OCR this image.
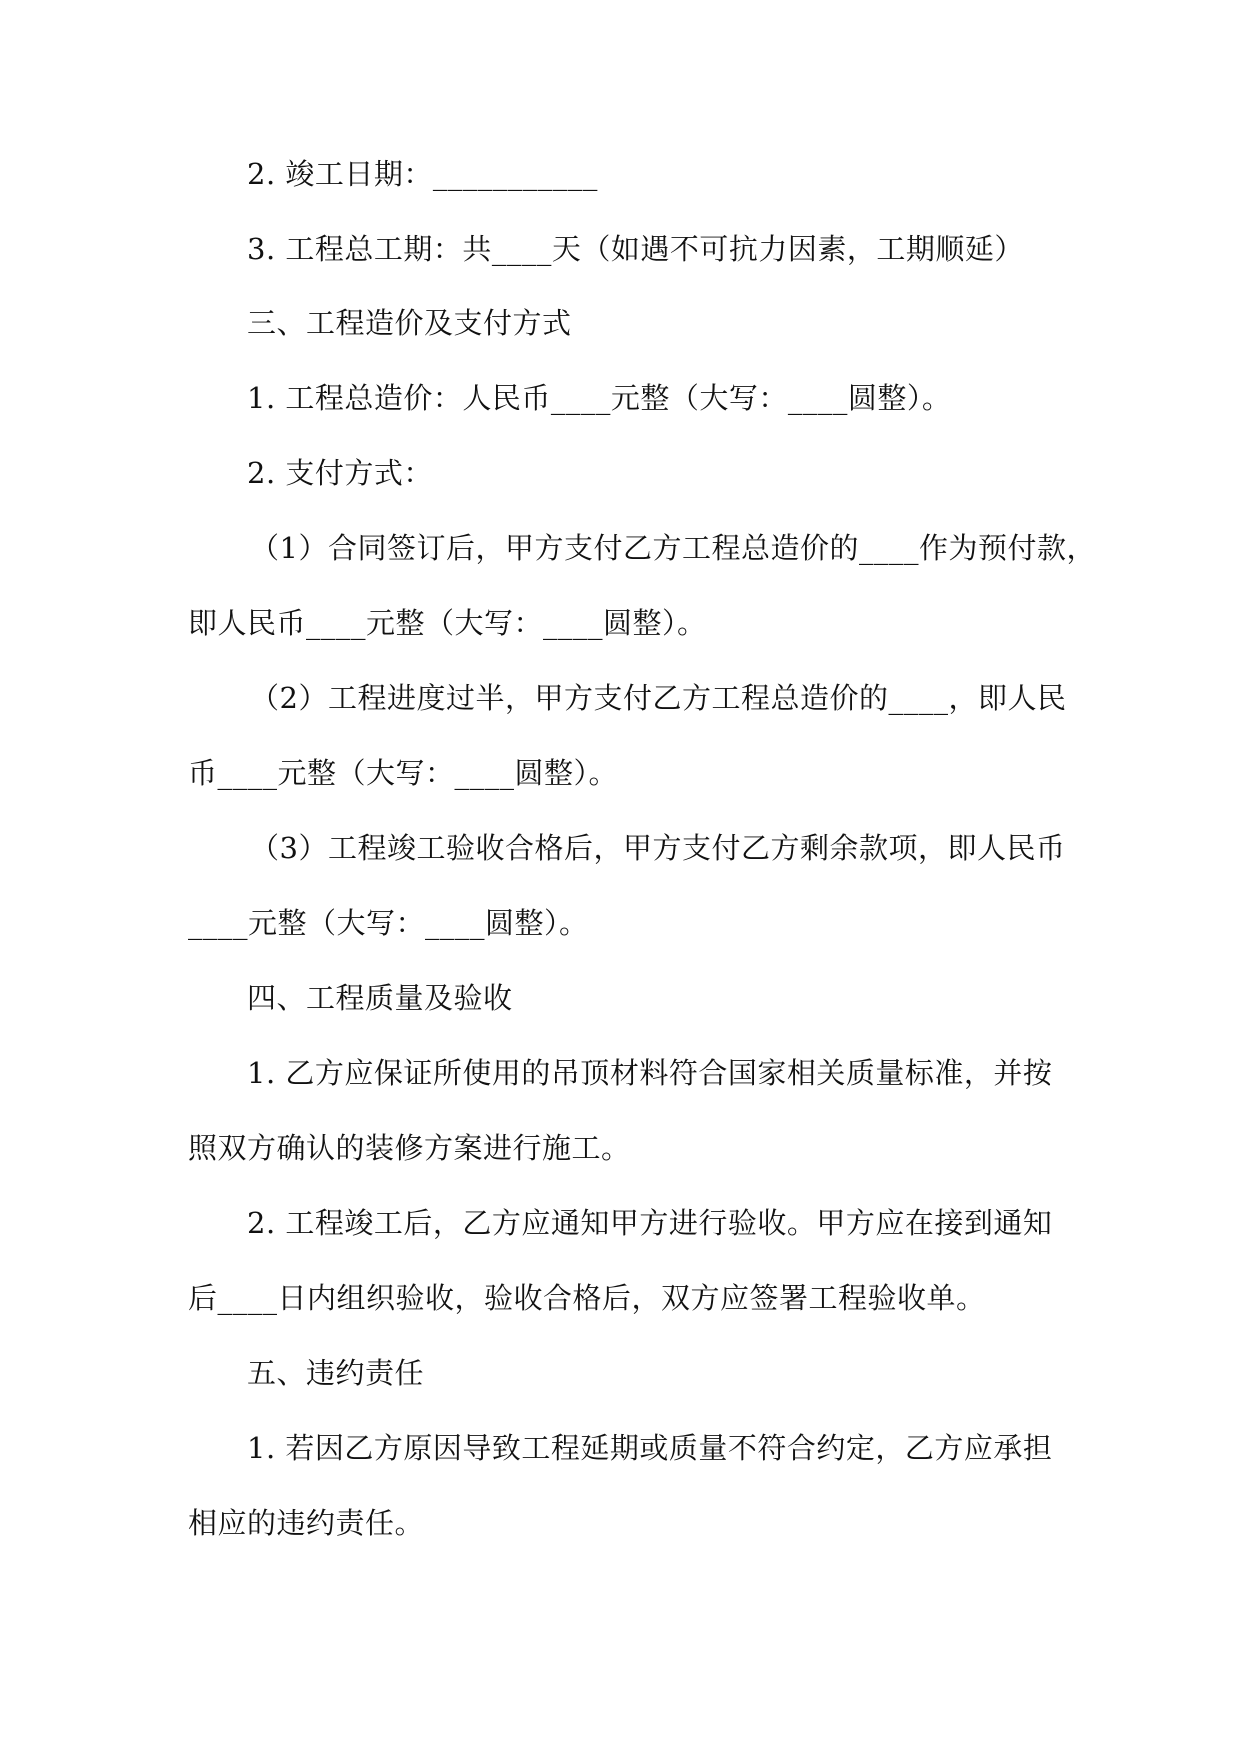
2. 竣工日期：___________
3. 工程总工期：共____天（如遇不可抗力因素，工期顺延）
三、工程造价及支付方式
1. 工程总造价：人民币____元整（大写：____圆整）。
2. 支付方式：
（1）合同签订后，甲方支付乙方工程总造价的____作为预付款，
即人民币____元整（大写：____圆整）。
（2）工程进度过半，甲方支付乙方工程总造价的____，即人民
币____元整（大写：____圆整）。
（3）工程竣工验收合格后，甲方支付乙方剩余款项，即人民币
____元整（大写：____圆整）。
四、工程质量及验收
1. 乙方应保证所使用的吊顶材料符合国家相关质量标准，并按
照双方确认的装修方案进行施工。
2. 工程竣工后，乙方应通知甲方进行验收。甲方应在接到通知
后____日内组织验收，验收合格后，双方应签署工程验收单。
五、违约责任
1. 若因乙方原因导致工程延期或质量不符合约定，乙方应承担
相应的违约责任。
